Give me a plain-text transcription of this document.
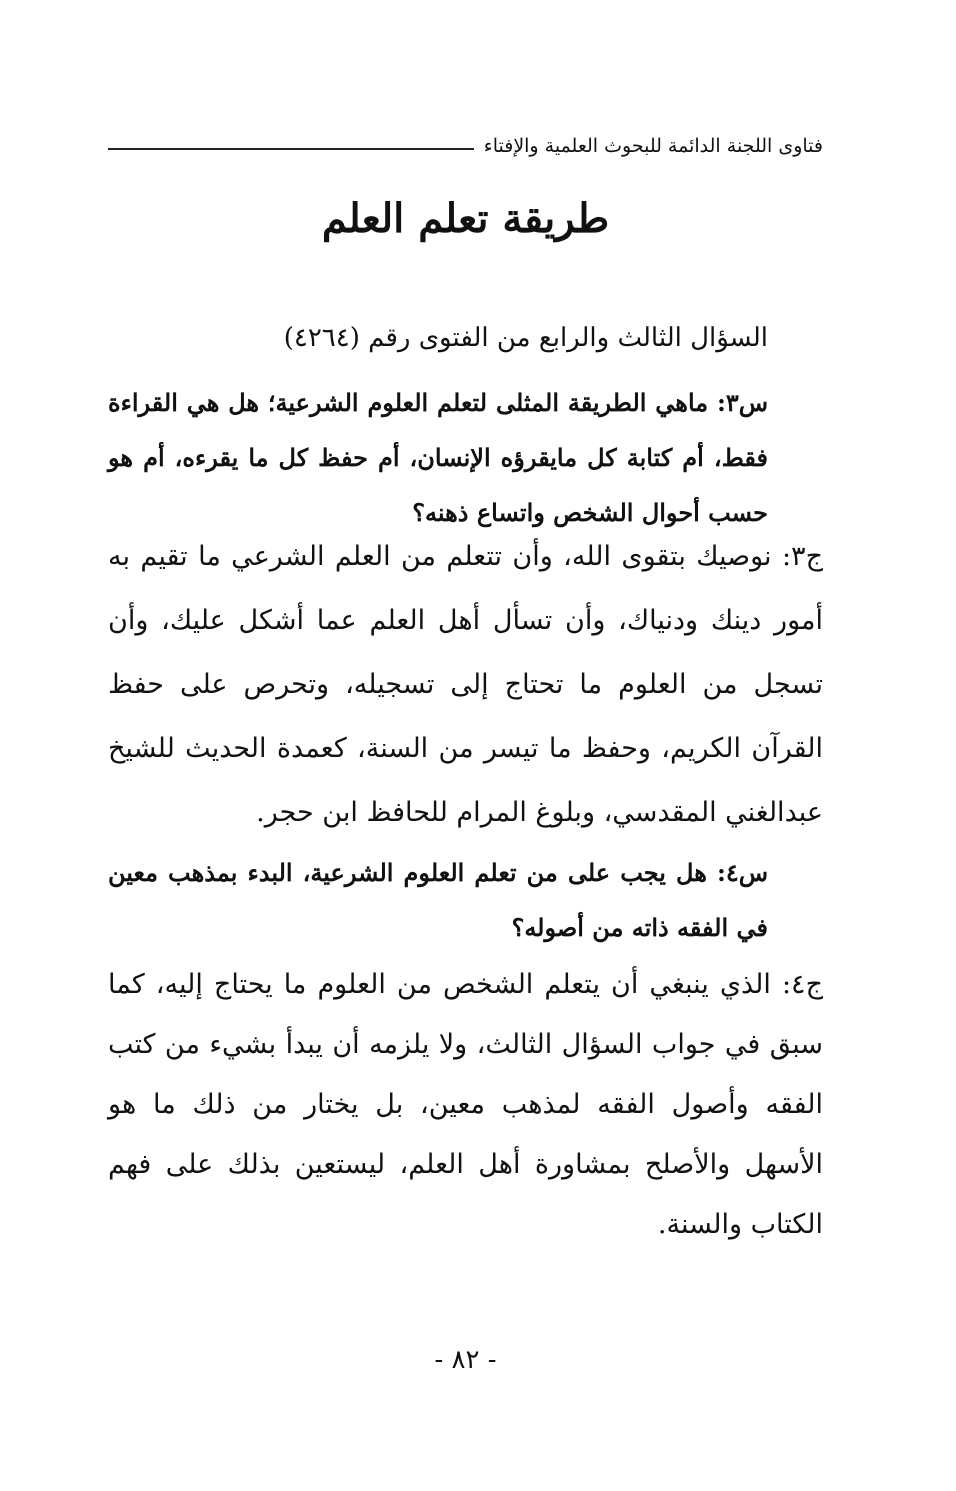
فتاوى اللجنة الدائمة للبحوث العلمية والإفتاء
طريقة تعلم العلم
السؤال الثالث والرابع من الفتوى رقم (٤٢٦٤)
س٣: ماهي الطريقة المثلى لتعلم العلوم الشرعية؛ هل هي القراءة فقط، أم كتابة كل مايقرؤه الإنسان، أم حفظ كل ما يقرءه، أم هو حسب أحوال الشخص واتساع ذهنه؟
ج٣: نوصيك بتقوى الله، وأن تتعلم من العلم الشرعي ما تقيم به أمور دينك ودنياك، وأن تسأل أهل العلم عما أشكل عليك، وأن تسجل من العلوم ما تحتاج إلى تسجيله، وتحرص على حفظ القرآن الكريم، وحفظ ما تيسر من السنة، كعمدة الحديث للشيخ عبدالغني المقدسي، وبلوغ المرام للحافظ ابن حجر.
س٤: هل يجب على من تعلم العلوم الشرعية، البدء بمذهب معين في الفقه ذاته من أصوله؟
ج٤: الذي ينبغي أن يتعلم الشخص من العلوم ما يحتاج إليه، كما سبق في جواب السؤال الثالث، ولا يلزمه أن يبدأ بشيء من كتب الفقه وأصول الفقه لمذهب معين، بل يختار من ذلك ما هو الأسهل والأصلح بمشاورة أهل العلم، ليستعين بذلك على فهم الكتاب والسنة.
- ٨٢ -
